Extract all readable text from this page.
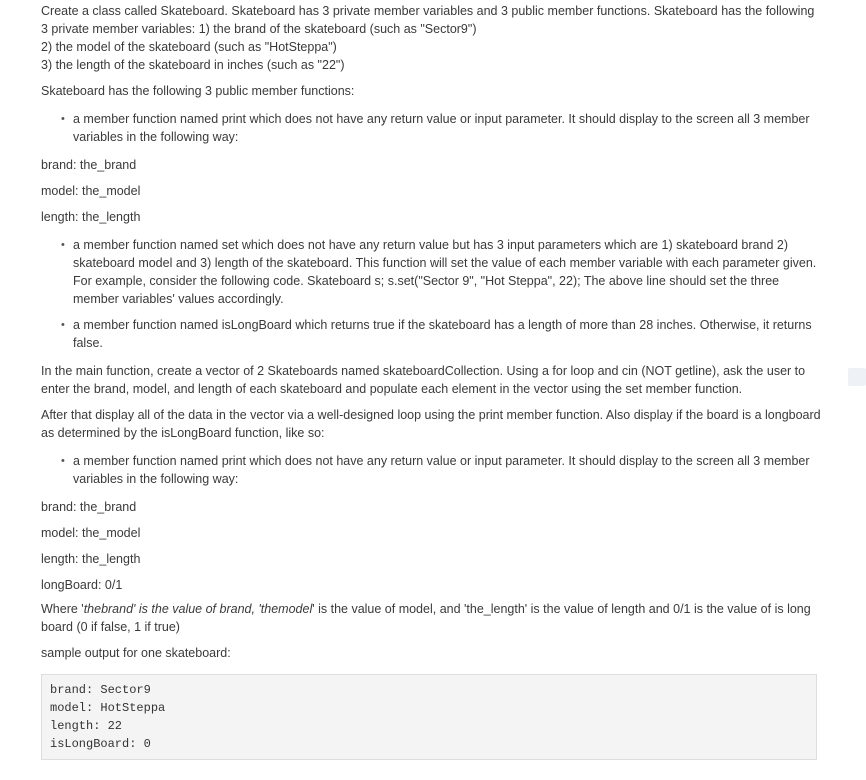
Create a class called Skateboard. Skateboard has 3 private member variables and 3 public member functions. Skateboard has the following 3 private member variables: 1) the brand of the skateboard (such as "Sector9")

2) the model of the skateboard (such as "HotSteppa")

3) the length of the skateboard in inches (such as "22")

Skateboard has the following 3 public member functions:

• a member function named print which does not have any return value or input parameter. It should display to the screen all 3 member variables in the following way:

brand: the_brand

model: the_model

length: the_length

• a member function named set which does not have any return value but has 3 input parameters which are 1) skateboard brand 2) skateboard model and 3) length of the skateboard. This function will set the value of each member variable with each parameter given. For example, consider the following code. Skateboard s; s.set("Sector 9", "Hot Steppa", 22); The above line should set the three member variables' values accordingly.
• a member function named isLongBoard which returns true if the skateboard has a length of more than 28 inches. Otherwise, it returns false.

In the main function, create a vector of 2 Skateboards named skateboardCollection. Using a for loop and cin (NOT getline), ask the user to enter the brand, model, and length of each skateboard and populate each element in the vector using the set member function.

After that display all of the data in the vector via a well-designed loop using the print member function. Also display if the board is a longboard as determined by the isLongBoard function, like so:

• a member function named print which does not have any return value or input parameter. It should display to the screen all 3 member variables in the following way:

brand: the_brand

model: the_model

length: the_length

longBoard: 0/1

Where 'thebrand' is the value of brand, 'themodel' is the value of model, and 'the_length' is the value of length and 0/1 is the value of is long board (0 if false, 1 if true)

sample output for one skateboard:

brand: Sector9
model: HotSteppa
length: 22
isLongBoard: 0
